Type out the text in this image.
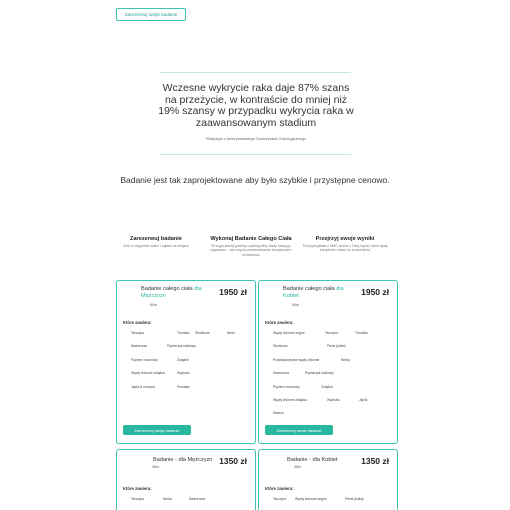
Zarezerwuj swoje badanie
Wczesne wykrycie raka daje 87% szans na przeżycie, w kontraście do mniej niż 19% szansy w przypadku wykrycia raka w zaawansowanym stadium
*Statystyki z Amerykańskiego Towarzystwa Onkologicznego
Badanie jest tak zaprojektowane aby było szybkie i przystępne cenowo.
Zarezerwuj badanie

Zrób to wygodnie online i zapłać na miejscu

Wykonaj Badanie Całego Ciała

W ciągu jednej godziny uzyskaj pełny obraz swojego organizmu – bez użycia promieniowania, bezpiecznie i komfortowo

Przejrzyj swoje wyniki

Twój specjalista z HMC omówi z Tobą wyniki, które będą kompletne i łatwe do zrozumienia

Badanie całego ciała dla Mężczyzn	1950 zł
60m
Które zawiera:
Tarczyca	Trzustka Śledziona	Nerki
Nadnercza	Pęcherzyk żółciowy
Pęcherz moczowy	Żołądek
Węzły chłonne żołądka	Wątroba
Jądra & moszna	Prostata
Zarezerwuj swoje badanie
Badanie całego ciała dla Kobiet	1950 zł
60m
Które zawiera:
Węzły chłonne szyjne	Tarczyca	Trzustka
Śledziona	Piersi (tutka)
Podobojczykowe węzły chłonne	Nerka
Nadnercza	Pęcherzyk żółciowy
Pęcherz moczowy	Żołądek
Węzły chłonne żołądka	Wątroba	Jajnik
Macica
Zarezerwuj swoje badanie
Badanie - dla Mężczyzn 1350 zł
35m
Które zawiera:
Tarczyca	Nerka	Nadnercza
Badanie - dla Kobiet	1350 zł
35m
Które zawiera:
Tarczyca	Węzły chłonne szyjne	Piersi (tutka)
